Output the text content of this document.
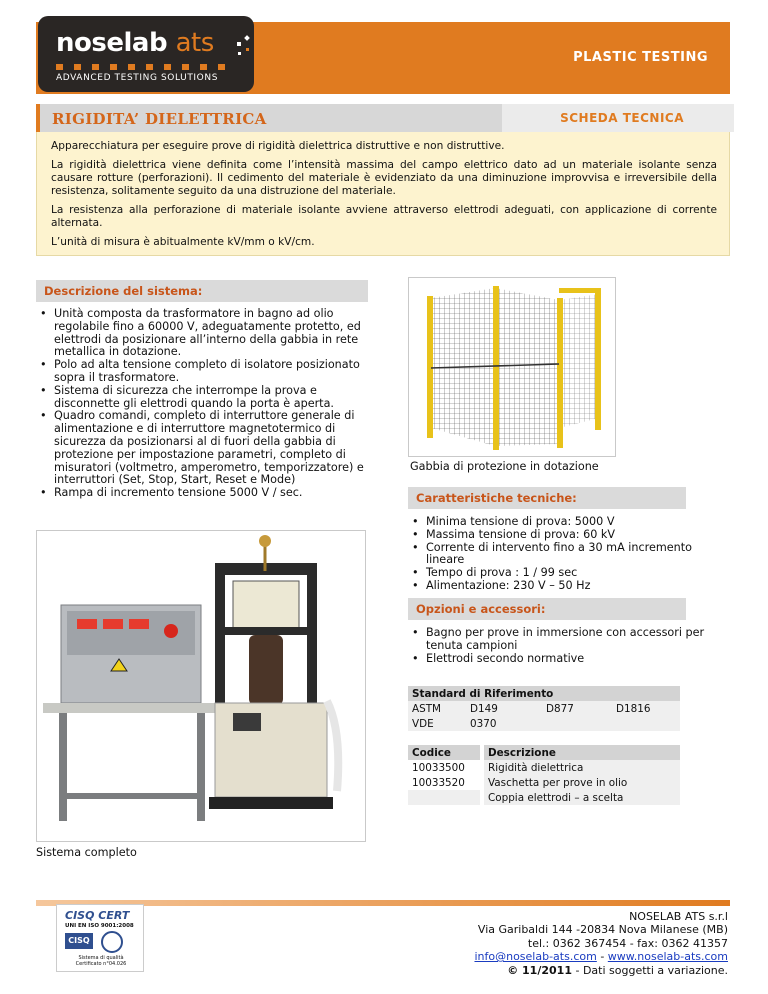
noselab ats
ADVANCED TESTING SOLUTIONS
PLASTIC TESTING
RIGIDITA’ DIELETTRICA	SCHEDA TECNICA

Apparecchiatura per eseguire prove di rigidità dielettrica distruttive e non distruttive.

La rigidità dielettrica viene definita come l’intensità massima del campo elettrico dato ad un materiale isolante senza causare rotture (perforazioni). Il cedimento del materiale è evidenziato da una diminuzione improvvisa e irreversibile della resistenza, solitamente seguito da una distruzione del materiale.

La resistenza alla perforazione di materiale isolante avviene attraverso elettrodi adeguati, con applicazione di corrente alternata.

L’unità di misura è abitualmente kV/mm o kV/cm.

Descrizione del sistema:
• Unità composta da trasformatore in bagno ad olio regolabile fino a 60000 V, adeguatamente protetto, ed elettrodi da posizionare all’interno della gabbia in rete metallica in dotazione.
• Polo ad alta tensione completo di isolatore posizionato sopra il trasformatore.
• Sistema di sicurezza che interrompe la prova e disconnette gli elettrodi quando la porta è aperta.
• Quadro comandi, completo di interruttore generale di alimentazione e di interruttore magnetotermico di sicurezza da posizionarsi al di fuori della gabbia di protezione per impostazione parametri, completo di misuratori (voltmetro, amperometro, temporizzatore) e interruttori (Set, Stop, Start, Reset e Mode)
• Rampa di incremento tensione 5000 V / sec.
Gabbia di protezione in dotazione
Caratteristiche tecniche:
• Minima tensione di prova: 5000 V
• Massima tensione di prova: 60 kV
• Corrente di intervento fino a 30 mA incremento lineare
• Tempo di prova : 1 / 99 sec
• Alimentazione: 230 V – 50 Hz
Opzioni e accessori:
• Bagno per prove in immersione con accessori per tenuta campioni
• Elettrodi secondo normative
Standard di Riferimento			
ASTM	D149	D877	D1816
VDE	0370		
Codice	Descrizione
10033500	Rigidità dielettrica
10033520	Vaschetta per prove in olio
	Coppia elettrodi – a scelta
Sistema completo
CISQ CERT
UNI EN ISO 9001:2008
CISQ
Sistema di qualità
Certificato n°04.026
NOSELAB ATS s.r.l
Via Garibaldi 144 -20834 Nova Milanese (MB)
tel.: 0362 367454 - fax: 0362 41357
info@noselab-ats.com - www.noselab-ats.com
© 11/2011 - Dati soggetti a variazione.
